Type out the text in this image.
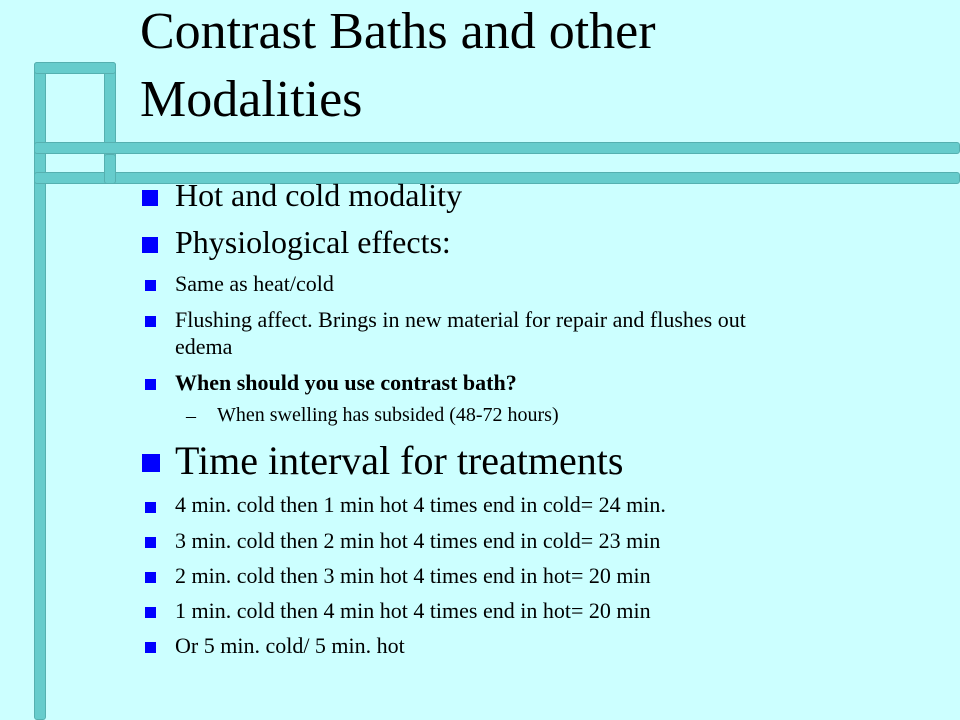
Contrast Baths and other
Modalities
Hot and cold modality
Physiological effects:
Same as heat/cold
Flushing affect. Brings in new material for repair and flushes out
edema
When should you use contrast bath?
– When swelling has subsided (48-72 hours)
Time interval for treatments
4 min. cold then 1 min hot 4 times end in cold= 24 min.
3 min. cold then 2 min hot 4 times end in cold= 23 min
2 min. cold then 3 min hot 4 times end in hot= 20 min
1 min. cold then 4 min hot 4 times end in hot= 20 min
Or 5 min. cold/ 5 min. hot
